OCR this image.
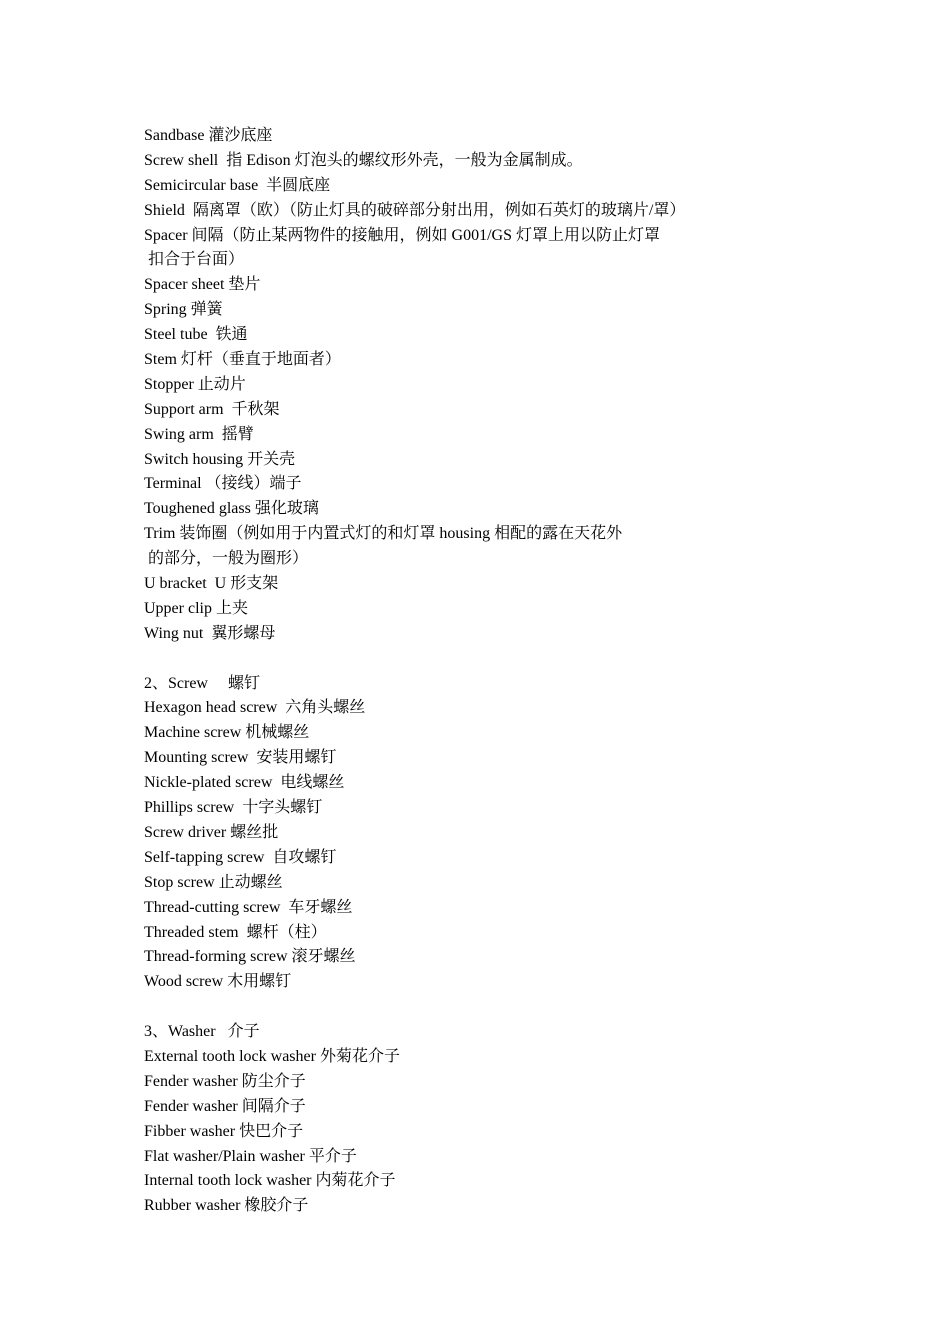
Sandbase 灌沙底座
Screw shell  指 Edison 灯泡头的螺纹形外壳，一般为金属制成。
Semicircular base  半圆底座
Shield  隔离罩（欧）（防止灯具的破碎部分射出用，例如石英灯的玻璃片/罩）
Spacer 间隔（防止某两物件的接触用，例如 G001/GS 灯罩上用以防止灯罩
扣合于台面）
Spacer sheet 垫片
Spring 弹簧
Steel tube  铁通
Stem 灯杆（垂直于地面者）
Stopper 止动片
Support arm  千秋架
Swing arm  摇臂
Switch housing 开关壳
Terminal （接线）端子
Toughened glass 强化玻璃
Trim 装饰圈（例如用于内置式灯的和灯罩 housing 相配的露在天花外
的部分，一般为圈形）
U bracket  U 形支架
Upper clip 上夹
Wing nut  翼形螺母
2、Screw     螺钉
Hexagon head screw  六角头螺丝
Machine screw 机械螺丝
Mounting screw  安装用螺钉
Nickle-plated screw  电线螺丝
Phillips screw  十字头螺钉
Screw driver 螺丝批
Self-tapping screw  自攻螺钉
Stop screw 止动螺丝
Thread-cutting screw  车牙螺丝
Threaded stem  螺杆（柱）
Thread-forming screw 滚牙螺丝
Wood screw 木用螺钉
3、Washer   介子
External tooth lock washer 外菊花介子
Fender washer 防尘介子
Fender washer 间隔介子
Fibber washer 快巴介子
Flat washer/Plain washer 平介子
Internal tooth lock washer 内菊花介子
Rubber washer 橡胶介子
